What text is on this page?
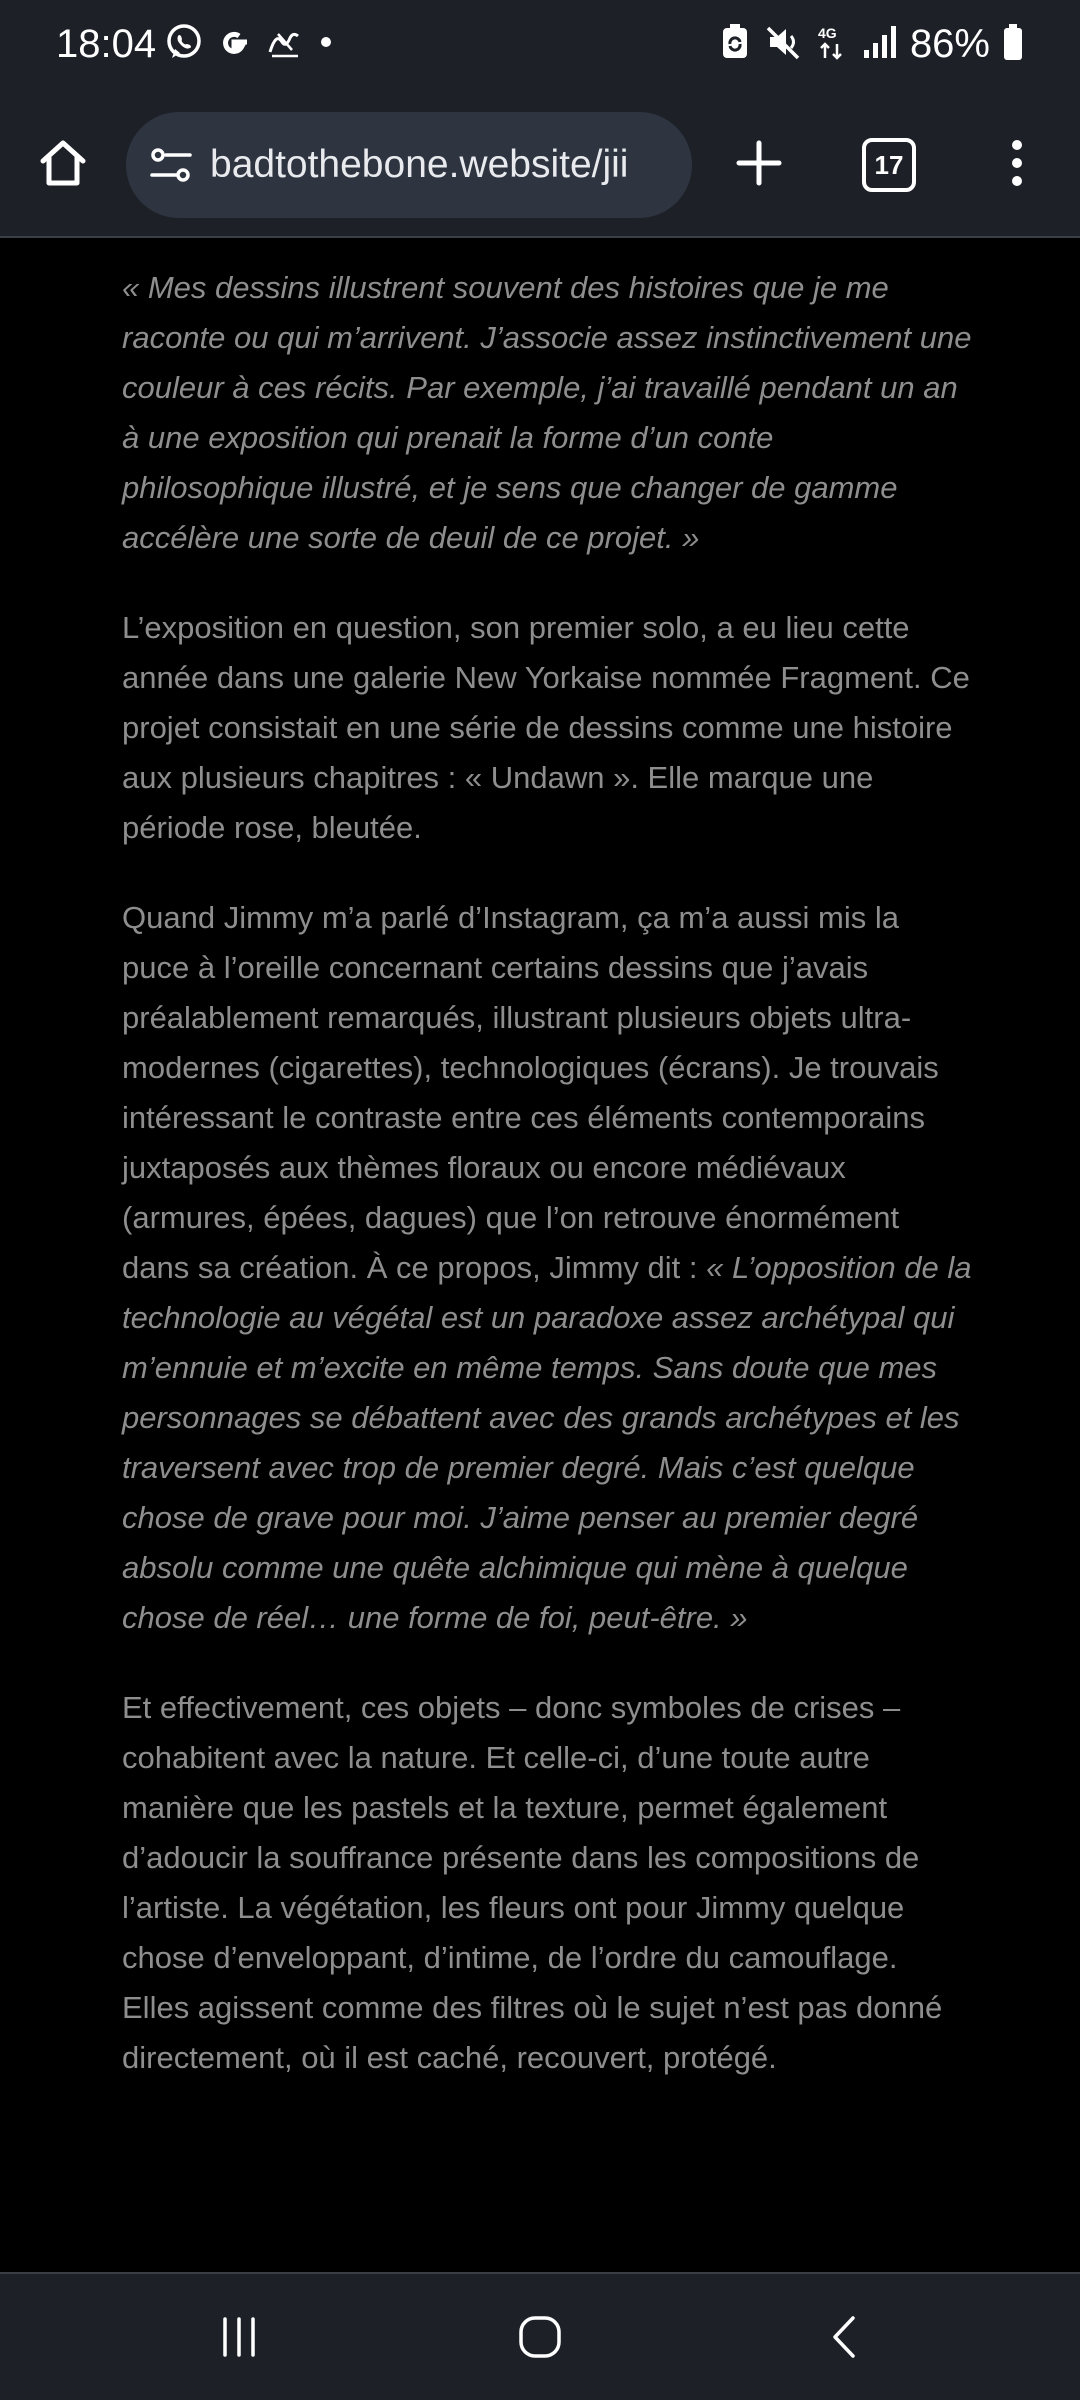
18:04	4G 86%
badtothebone.website/jii	17

« Mes dessins illustrent souvent des histoires que je me raconte ou qui m’arrivent. J’associe assez instinctivement une couleur à ces récits. Par exemple, j’ai travaillé pendant un an à une exposition qui prenait la forme d’un conte philosophique illustré, et je sens que changer de gamme accélère une sorte de deuil de ce projet. »

L’exposition en question, son premier solo, a eu lieu cette année dans une galerie New Yorkaise nommée Fragment. Ce projet consistait en une série de dessins comme une histoire aux plusieurs chapitres : « Undawn ». Elle marque une période rose, bleutée.

Quand Jimmy m’a parlé d’Instagram, ça m’a aussi mis la puce à l’oreille concernant certains dessins que j’avais préalablement remarqués, illustrant plusieurs objets ultra-modernes (cigarettes), technologiques (écrans). Je trouvais intéressant le contraste entre ces éléments contemporains juxtaposés aux thèmes floraux ou encore médiévaux (armures, épées, dagues) que l’on retrouve énormément dans sa création. À ce propos, Jimmy dit : « L’opposition de la technologie au végétal est un paradoxe assez archétypal qui m’ennuie et m’excite en même temps. Sans doute que mes personnages se débattent avec des grands archétypes et les traversent avec trop de premier degré. Mais c’est quelque chose de grave pour moi. J’aime penser au premier degré absolu comme une quête alchimique qui mène à quelque chose de réel… une forme de foi, peut-être. »

Et effectivement, ces objets – donc symboles de crises – cohabitent avec la nature. Et celle-ci, d’une toute autre manière que les pastels et la texture, permet également d’adoucir la souffrance présente dans les compositions de l’artiste. La végétation, les fleurs ont pour Jimmy quelque chose d’enveloppant, d’intime, de l’ordre du camouflage. Elles agissent comme des filtres où le sujet n’est pas donné directement, où il est caché, recouvert, protégé.
